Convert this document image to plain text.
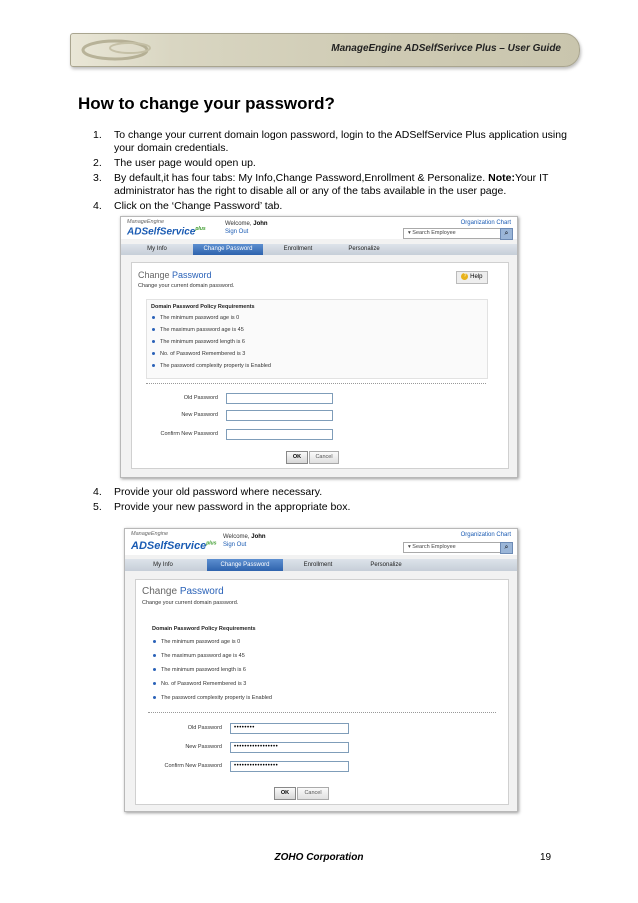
ManageEngine ADSelfSerivce Plus – User Guide
How to change your password?
1. To change your current domain logon password, login to the ADSelfService Plus application using your domain credentials.
2. The user page would open up.
3. By default,it has four tabs: My Info,Change Password,Enrollment & Personalize. Note:Your IT administrator has the right to disable all or any of the tabs available in the user page.
4. Click on the ‘Change Password’ tab.
ManageEngine
ADSelfService$^{plus}$
Welcome, John
Sign Out
Organization Chart
▾ Search Employee	⌕
My Info	Change Password	Enrollment	Personalize
Change Password
Change your current domain password.
? Help
Domain Password Policy Requirements
The minimum password age is 0
The maximum password age is 45
The minimum password length is 6
No. of Password Remembered is 3
The password complexity property is Enabled
Old Password
New Password
Confirm New Password
OK	Cancel
4. Provide your old password where necessary.
5. Provide your new password in the appropriate box.
ManageEngine
ADSelfService$^{plus}$
Welcome, John
Sign Out
Organization Chart
▾ Search Employee	⌕
My Info	Change Password	Enrollment	Personalize
Change Password
Change your current domain password.
Domain Password Policy Requirements
The minimum password age is 0
The maximum password age is 45
The minimum password length is 6
No. of Password Remembered is 3
The password complexity property is Enabled
Old Password	••••••••
New Password	•••••••••••••••••
Confirm New Password	•••••••••••••••••
OK	Cancel
ZOHO Corporation	19
